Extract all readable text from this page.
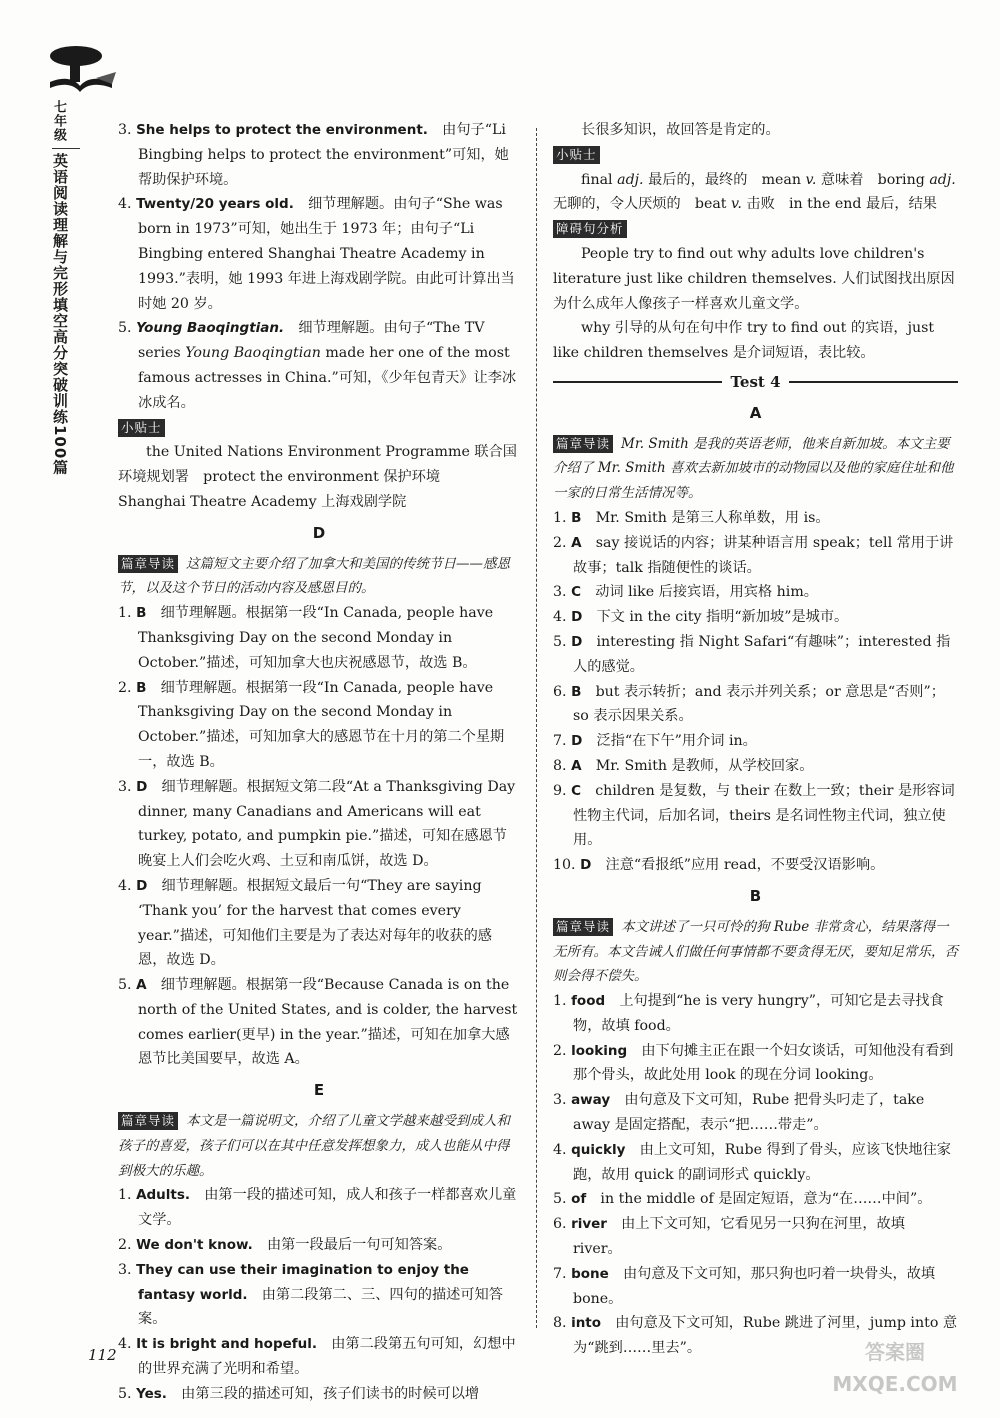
七年级
英语阅读理解与完形填空高分突破训练100篇

3. She helps to protect the environment.　 由句子“Li Bingbing helps to protect the environment”可知，她帮助保护环境。

4. Twenty/20 years old.　 细节理解题。由句子“She was born in 1973”可知，她出生于 1973 年；由句子“Li Bingbing entered Shanghai Theatre Academy in 1993.”表明，她 1993 年进上海戏剧学院。由此可计算出当时她 20 岁。

5. Young Baoqingtian.　 细节理解题。由句子“The TV series Young Baoqingtian made her one of the most famous actresses in China.”可知，《少年包青天》让李冰冰成名。

小贴士

the United Nations Environment Programme 联合国环境规划署　protect the environment 保护环境　Shanghai Theatre Academy 上海戏剧学院

D

篇章导读 这篇短文主要介绍了加拿大和美国的传统节日——感恩节，以及这个节日的活动内容及感恩目的。

1. B　 细节理解题。根据第一段“In Canada, people have Thanksgiving Day on the second Monday in October.”描述，可知加拿大也庆祝感恩节，故选 B。

2. B　 细节理解题。根据第一段“In Canada, people have Thanksgiving Day on the second Monday in October.”描述，可知加拿大的感恩节在十月的第二个星期一，故选 B。

3. D　 细节理解题。根据短文第二段“At a Thanksgiving Day dinner, many Canadians and Americans will eat turkey, potato, and pumpkin pie.”描述，可知在感恩节晚宴上人们会吃火鸡、土豆和南瓜饼，故选 D。

4. D　 细节理解题。根据短文最后一句“They are saying ‘Thank you’ for the harvest that comes every year.”描述，可知他们主要是为了表达对每年的收获的感恩，故选 D。

5. A　 细节理解题。根据第一段“Because Canada is on the north of the United States, and is colder, the harvest comes earlier(更早) in the year.”描述，可知在加拿大感恩节比美国要早，故选 A。

E

篇章导读 本文是一篇说明文，介绍了儿童文学越来越受到成人和孩子的喜爱，孩子们可以在其中任意发挥想象力，成人也能从中得到极大的乐趣。

1. Adults.　 由第一段的描述可知，成人和孩子一样都喜欢儿童文学。

2. We don't know.　 由第一段最后一句可知答案。

3. They can use their imagination to enjoy the fantasy world.　 由第二段第二、三、四句的描述可知答案。

4. It is bright and hopeful.　 由第二段第五句可知，幻想中的世界充满了光明和希望。

5. Yes.　 由第三段的描述可知，孩子们读书的时候可以增

长很多知识，故回答是肯定的。

小贴士

final adj. 最后的，最终的　mean v. 意味着　boring adj. 无聊的，令人厌烦的　beat v. 击败　in the end 最后，结果

障碍句分析

People try to find out why adults love children's literature just like children themselves. 人们试图找出原因为什么成年人像孩子一样喜欢儿童文学。

why 引导的从句在句中作 try to find out 的宾语，just like children themselves 是介词短语，表比较。

Test 4
A

篇章导读 Mr. Smith 是我的英语老师，他来自新加坡。本文主要介绍了 Mr. Smith 喜欢去新加坡市的动物园以及他的家庭住址和他一家的日常生活情况等。

1. B　 Mr. Smith 是第三人称单数，用 is。

2. A　 say 接说话的内容；讲某种语言用 speak；tell 常用于讲故事；talk 指随便性的谈话。

3. C　 动词 like 后接宾语，用宾格 him。

4. D　 下文 in the city 指明“新加坡”是城市。

5. D　 interesting 指 Night Safari“有趣味”；interested 指人的感觉。

6. B　 but 表示转折；and 表示并列关系；or 意思是“否则”；so 表示因果关系。

7. D　 泛指“在下午”用介词 in。

8. A　 Mr. Smith 是教师，从学校回家。

9. C　 children 是复数，与 their 在数上一致；their 是形容词性物主代词，后加名词，theirs 是名词性物主代词，独立使用。

10. D　 注意“看报纸”应用 read，不要受汉语影响。

B

篇章导读 本文讲述了一只可怜的狗 Rube 非常贪心，结果落得一无所有。本文告诫人们做任何事情都不要贪得无厌，要知足常乐，否则会得不偿失。

1. food　 上句提到“he is very hungry”，可知它是去寻找食物，故填 food。

2. looking　 由下句摊主正在跟一个妇女谈话，可知他没有看到那个骨头，故此处用 look 的现在分词 looking。

3. away　 由句意及下文可知，Rube 把骨头叼走了，take away 是固定搭配，表示“把……带走”。

4. quickly　 由上文可知，Rube 得到了骨头，应该飞快地往家跑，故用 quick 的副词形式 quickly。

5. of　 in the middle of 是固定短语，意为“在……中间”。

6. river　 由上下文可知，它看见另一只狗在河里，故填 river。

7. bone　 由句意及下文可知，那只狗也叼着一块骨头，故填 bone。

8. into　 由句意及下文可知，Rube 跳进了河里，jump into 意为“跳到……里去”。

112	答案圈
MXQE.COM
